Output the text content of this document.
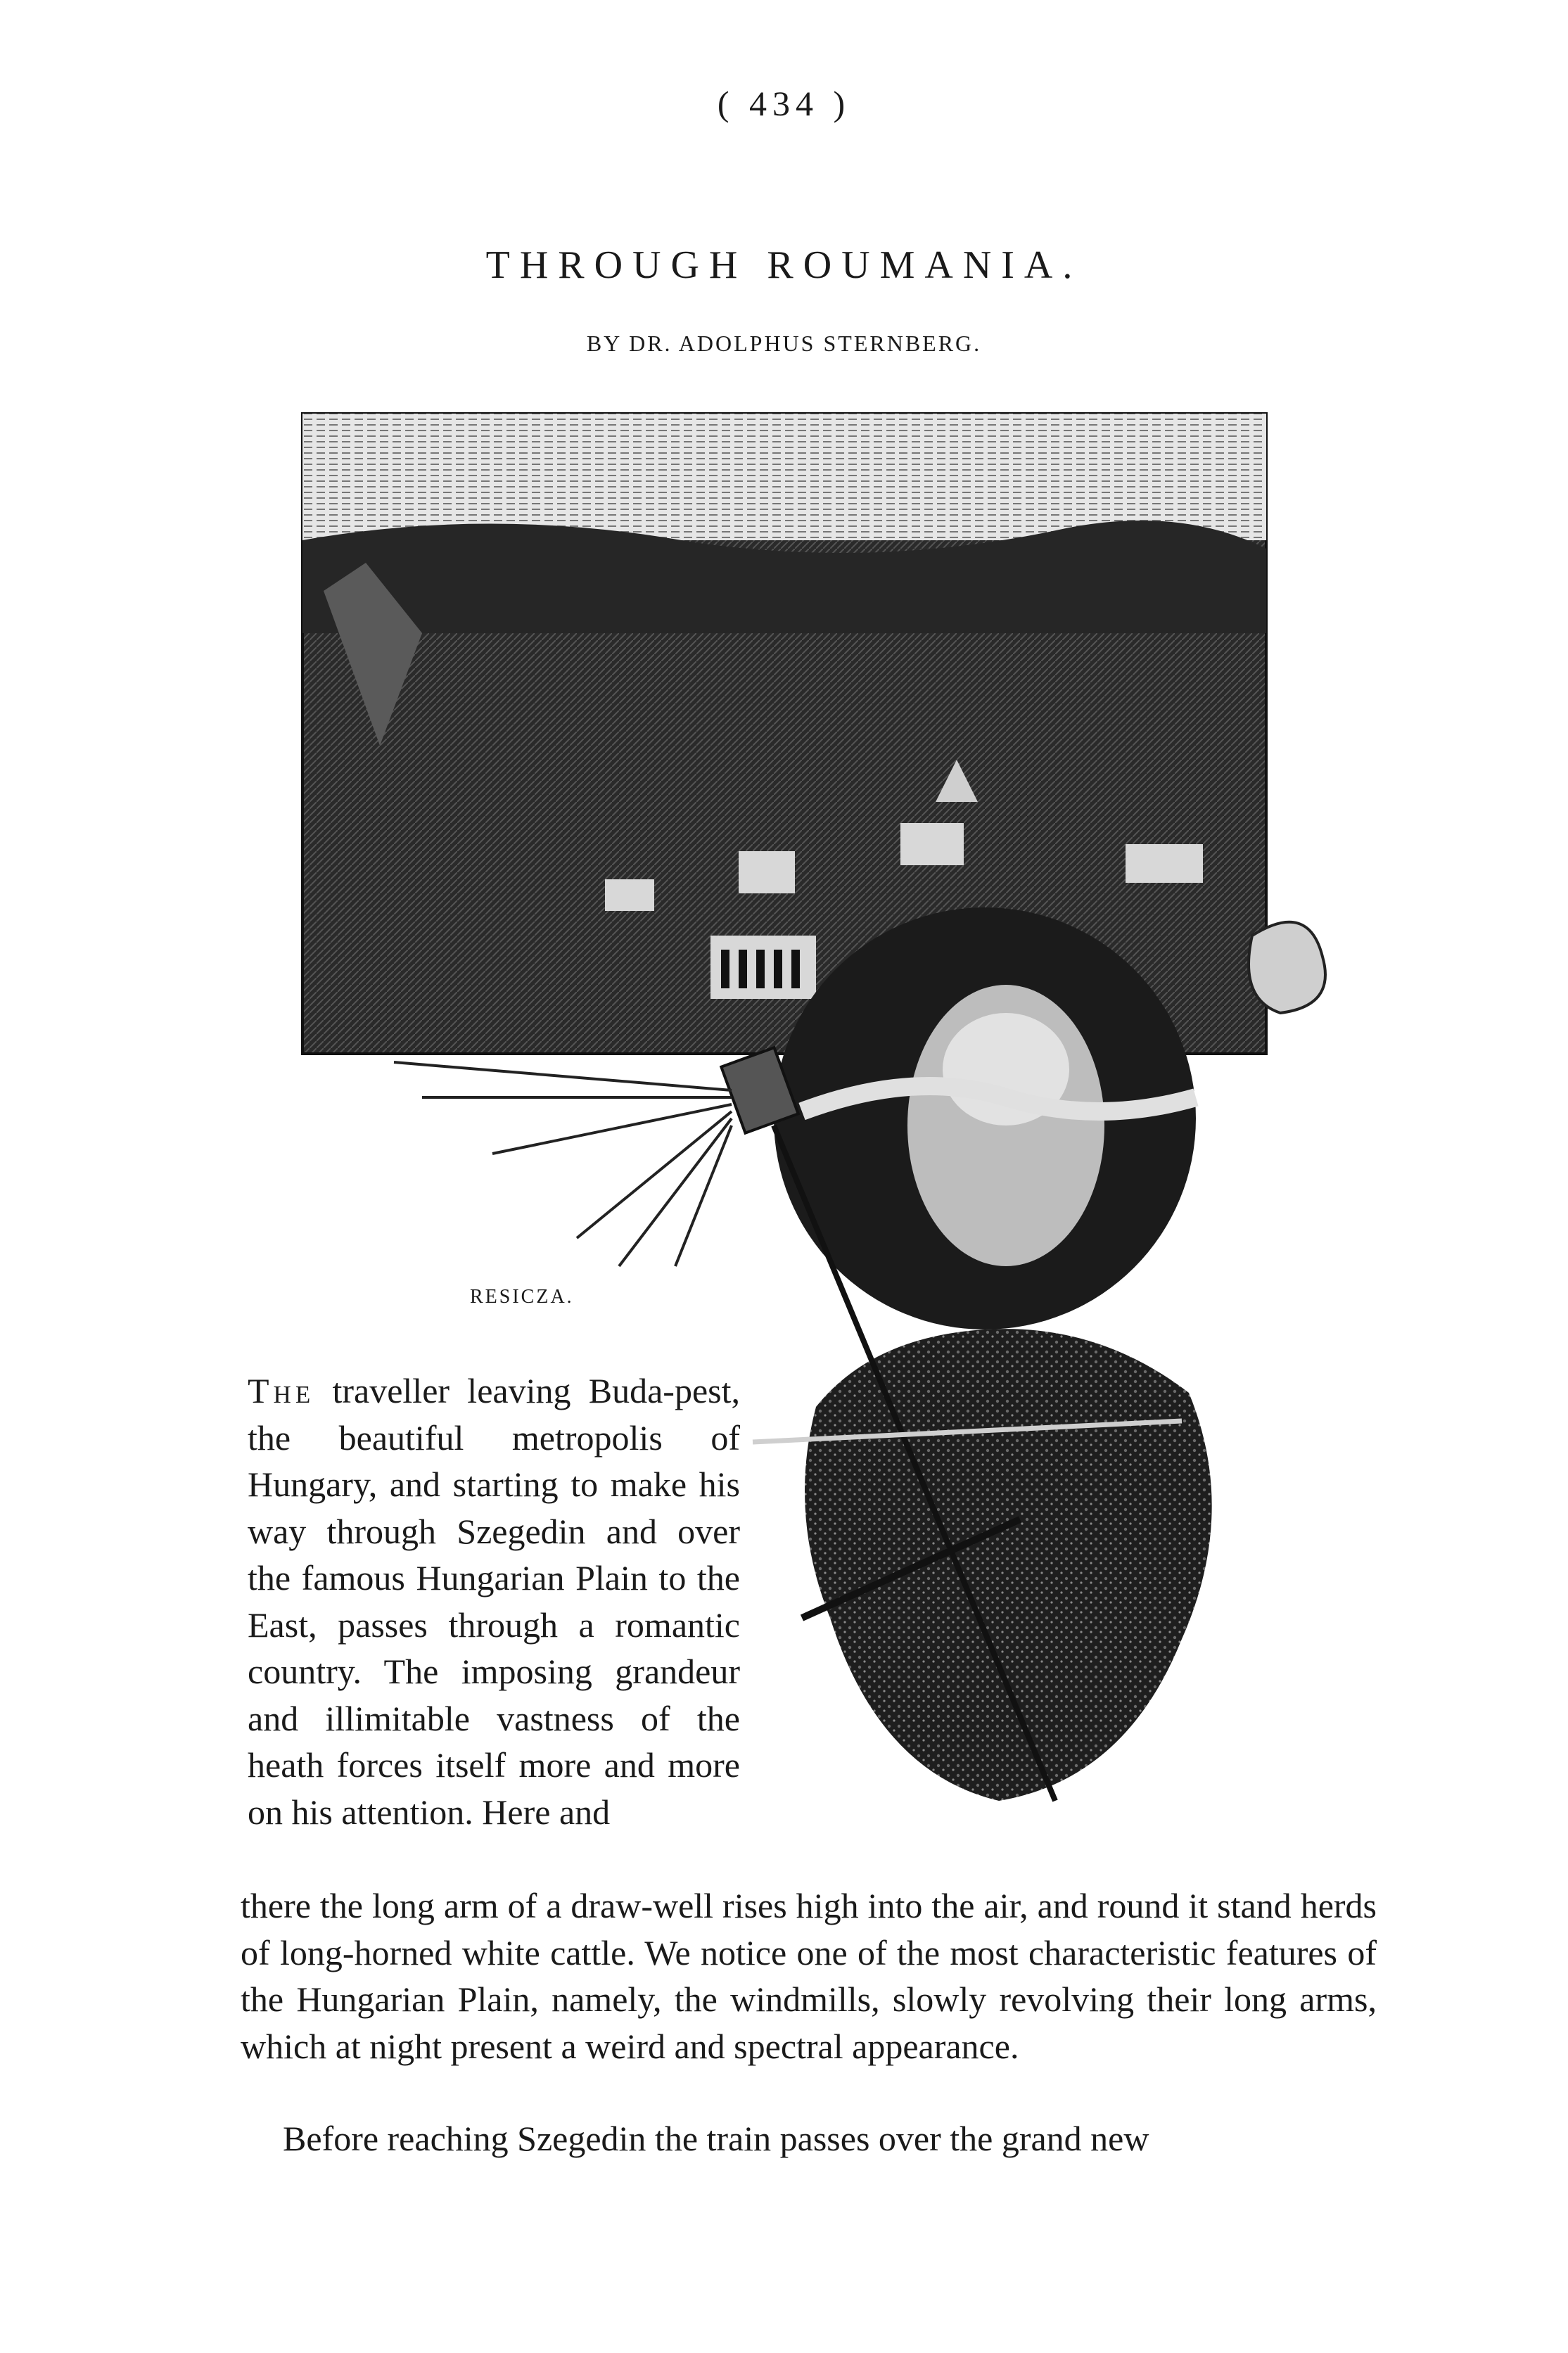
( 434 )
THROUGH ROUMANIA.
BY DR. ADOLPHUS STERNBERG.
RESICZA.

The traveller leaving Buda-pest, the beautiful metropolis of Hungary, and starting to make his way through Szegedin and over the famous Hungarian Plain to the East, passes through a romantic country. The imposing grandeur and illimitable vastness of the heath forces itself more and more on his attention. Here and

there the long arm of a draw-well rises high into the air, and round it stand herds of long-horned white cattle. We notice one of the most characteristic features of the Hungarian Plain, namely, the windmills, slowly revolving their long arms, which at night present a weird and spectral appearance.

Before reaching Szegedin the train passes over the grand new
